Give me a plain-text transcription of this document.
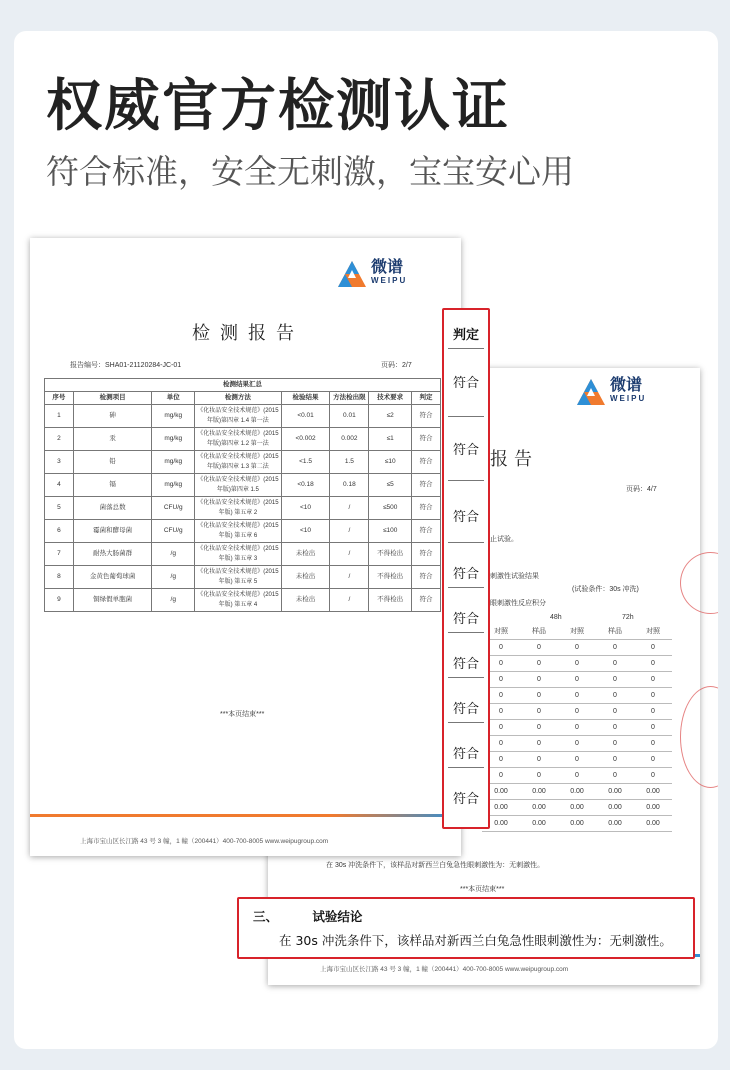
权威官方检测认证
符合标准，安全无刺激，宝宝安心用
微谱
WEIPU
报告
页码：4/7
止试验。
刺激性试验结果
(试验条件：30s 冲洗)
眼刺激性反应积分
48h	72h
对照	样品	对照	样品	对照
0	0	0	0	0
0	0	0	0	0
0	0	0	0	0
0	0	0	0	0
0	0	0	0	0
0	0	0	0	0
0	0	0	0	0
0	0	0	0	0
0	0	0	0	0
0.00	0.00	0.00	0.00	0.00
0.00	0.00	0.00	0.00	0.00
0.00	0.00	0.00	0.00	0.00
在 30s 冲洗条件下，该样品对新西兰白兔急性眼刺激性为：无刺激性。
***本页结束***
上海市宝山区长江路 43 号 3 幢，1 幢（200441）400-700-8005 www.weipugroup.com
微谱
WEIPU
检测报告
报告编号：SHA01-21120284-JC-01	页码：2/7
检测结果汇总							
序号	检测项目	单位	检测方法	检验结果	方法检出限	技术要求	判定
1	砷	mg/kg	《化妆品安全技术规范》(2015 年版)第四章 1.4 第一法	<0.01	0.01	≤2	符合
2	汞	mg/kg	《化妆品安全技术规范》(2015 年版)第四章 1.2 第一法	<0.002	0.002	≤1	符合
3	铅	mg/kg	《化妆品安全技术规范》(2015 年版)第四章 1.3 第二法	<1.5	1.5	≤10	符合
4	镉	mg/kg	《化妆品安全技术规范》(2015 年版)第四章 1.5	<0.18	0.18	≤5	符合
5	菌落总数	CFU/g	《化妆品安全技术规范》(2015 年版) 第五章 2	<10	/	≤500	符合
6	霉菌和酵母菌	CFU/g	《化妆品安全技术规范》(2015 年版) 第五章 6	<10	/	≤100	符合
7	耐热大肠菌群	/g	《化妆品安全技术规范》(2015 年版) 第五章 3	未检出	/	不得检出	符合
8	金黄色葡萄球菌	/g	《化妆品安全技术规范》(2015 年版) 第五章 5	未检出	/	不得检出	符合
9	铜绿假单胞菌	/g	《化妆品安全技术规范》(2015 年版) 第五章 4	未检出	/	不得检出	符合
***本页结束***
上海市宝山区长江路 43 号 3 幢，1 幢（200441）400-700-8005 www.weipugroup.com
判定
符合
符合
符合
符合
符合
符合
符合
符合
符合
三、	试验结论
在 30s 冲洗条件下，该样品对新西兰白兔急性眼刺激性为：无刺激性。
